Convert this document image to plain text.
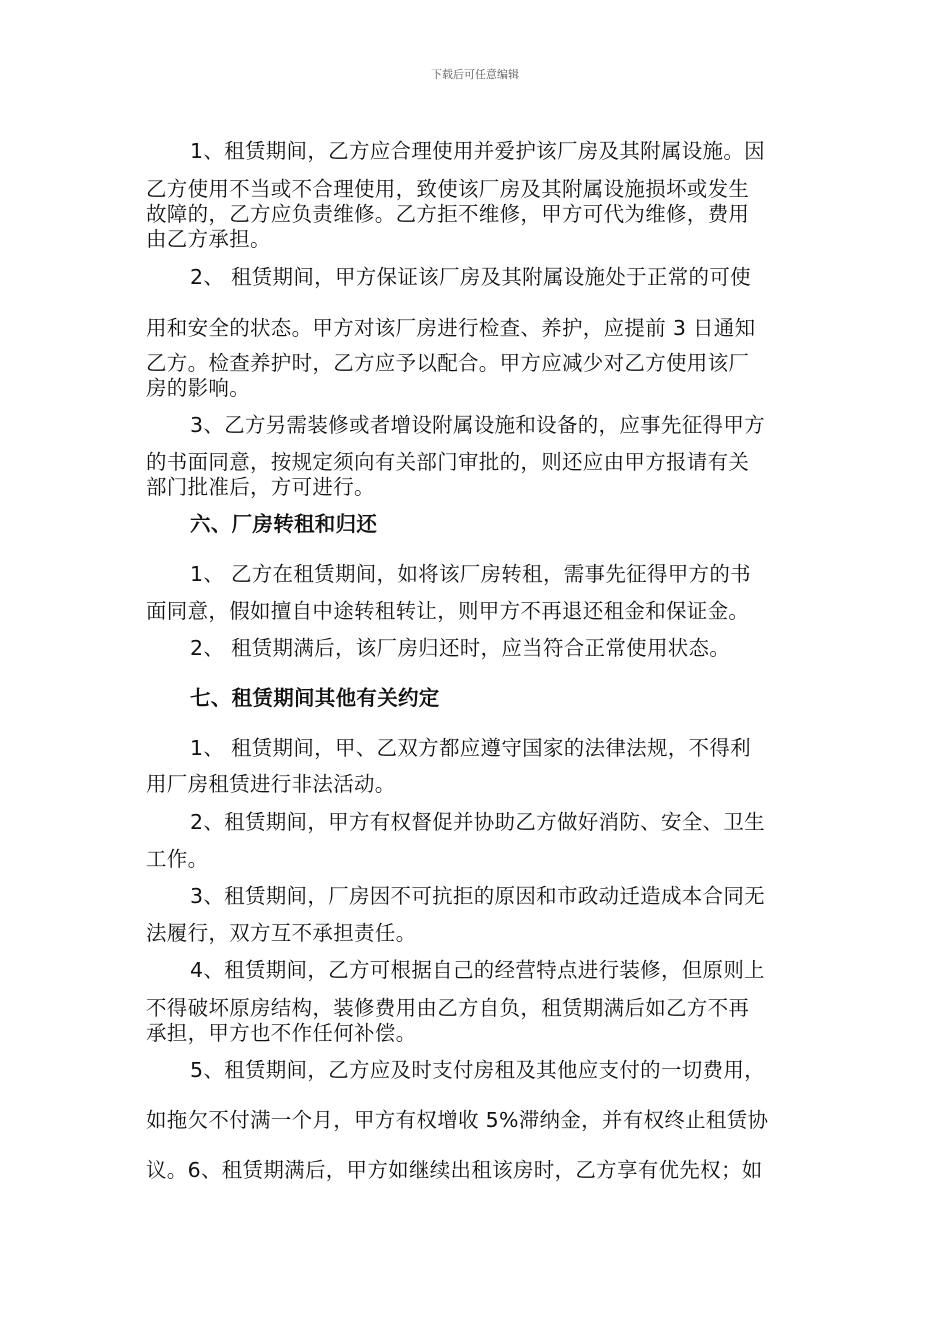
下载后可任意编辑
1、租赁期间，乙方应合理使用并爱护该厂房及其附属设施。因
乙方使用不当或不合理使用，致使该厂房及其附属设施损坏或发生
故障的，乙方应负责维修。乙方拒不维修，甲方可代为维修，费用
由乙方承担。
2、 租赁期间，甲方保证该厂房及其附属设施处于正常的可使
用和安全的状态。甲方对该厂房进行检查、养护，应提前 3 日通知
乙方。检查养护时，乙方应予以配合。甲方应减少对乙方使用该厂
房的影响。
3、乙方另需装修或者增设附属设施和设备的，应事先征得甲方
的书面同意，按规定须向有关部门审批的，则还应由甲方报请有关
部门批准后，方可进行。
六、厂房转租和归还
1、 乙方在租赁期间，如将该厂房转租，需事先征得甲方的书
面同意，假如擅自中途转租转让，则甲方不再退还租金和保证金。
2、 租赁期满后，该厂房归还时，应当符合正常使用状态。
七、租赁期间其他有关约定
1、 租赁期间，甲、乙双方都应遵守国家的法律法规，不得利
用厂房租赁进行非法活动。
2、租赁期间，甲方有权督促并协助乙方做好消防、安全、卫生
工作。
3、租赁期间，厂房因不可抗拒的原因和市政动迁造成本合同无
法履行，双方互不承担责任。
4、租赁期间，乙方可根据自己的经营特点进行装修，但原则上
不得破坏原房结构，装修费用由乙方自负，租赁期满后如乙方不再
承担，甲方也不作任何补偿。
5、租赁期间，乙方应及时支付房租及其他应支付的一切费用，
如拖欠不付满一个月，甲方有权增收 5%滞纳金，并有权终止租赁协
议。6、租赁期满后，甲方如继续出租该房时，乙方享有优先权；如
